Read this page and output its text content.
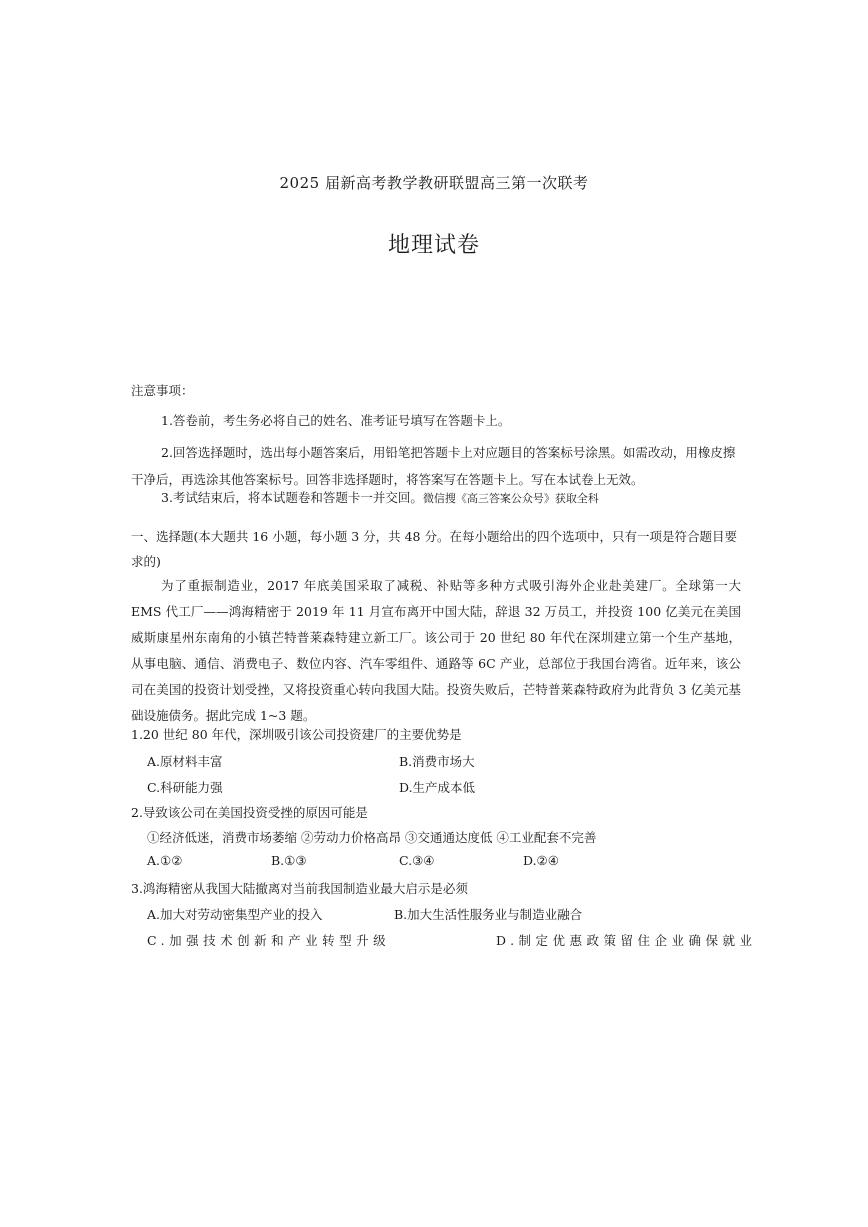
2025 届新高考教学教研联盟高三第一次联考
地理试卷
注意事项：
1.答卷前，考生务必将自己的姓名、准考证号填写在答题卡上。
2.回答选择题时，选出每小题答案后，用铅笔把答题卡上对应题目的答案标号涂黑。如需改动，用橡皮擦干净后，再选涂其他答案标号。回答非选择题时，将答案写在答题卡上。写在本试卷上无效。
3.考试结束后，将本试题卷和答题卡一并交回。微信搜《高三答案公众号》获取全科
一、选择题(本大题共 16 小题，每小题 3 分，共 48 分。在每小题给出的四个选项中，只有一项是符合题目要求的)
为了重振制造业，2017 年底美国采取了减税、补贴等多种方式吸引海外企业赴美建厂。全球第一大 EMS 代工厂——鸿海精密于 2019 年 11 月宣布离开中国大陆，辞退 32 万员工，并投资 100 亿美元在美国威斯康星州东南角的小镇芒特普莱森特建立新工厂。该公司于 20 世纪 80 年代在深圳建立第一个生产基地，从事电脑、通信、消费电子、数位内容、汽车零组件、通路等 6C 产业，总部位于我国台湾省。近年来，该公司在美国的投资计划受挫，又将投资重心转向我国大陆。投资失败后，芒特普莱森特政府为此背负 3 亿美元基础设施债务。据此完成 1~3 题。
1.20 世纪 80 年代，深圳吸引该公司投资建厂的主要优势是
A.原材料丰富	B.消费市场大
C.科研能力强	D.生产成本低
2.导致该公司在美国投资受挫的原因可能是
①经济低迷，消费市场萎缩 ②劳动力价格高昂 ③交通通达度低 ④工业配套不完善
A.①②	B.①③	C.③④	D.②④
3.鸿海精密从我国大陆撤离对当前我国制造业最大启示是必须
A.加大对劳动密集型产业的投入	B.加大生活性服务业与制造业融合
C.加强技术创新和产业转型升级	D.制定优惠政策留住企业确保就业
